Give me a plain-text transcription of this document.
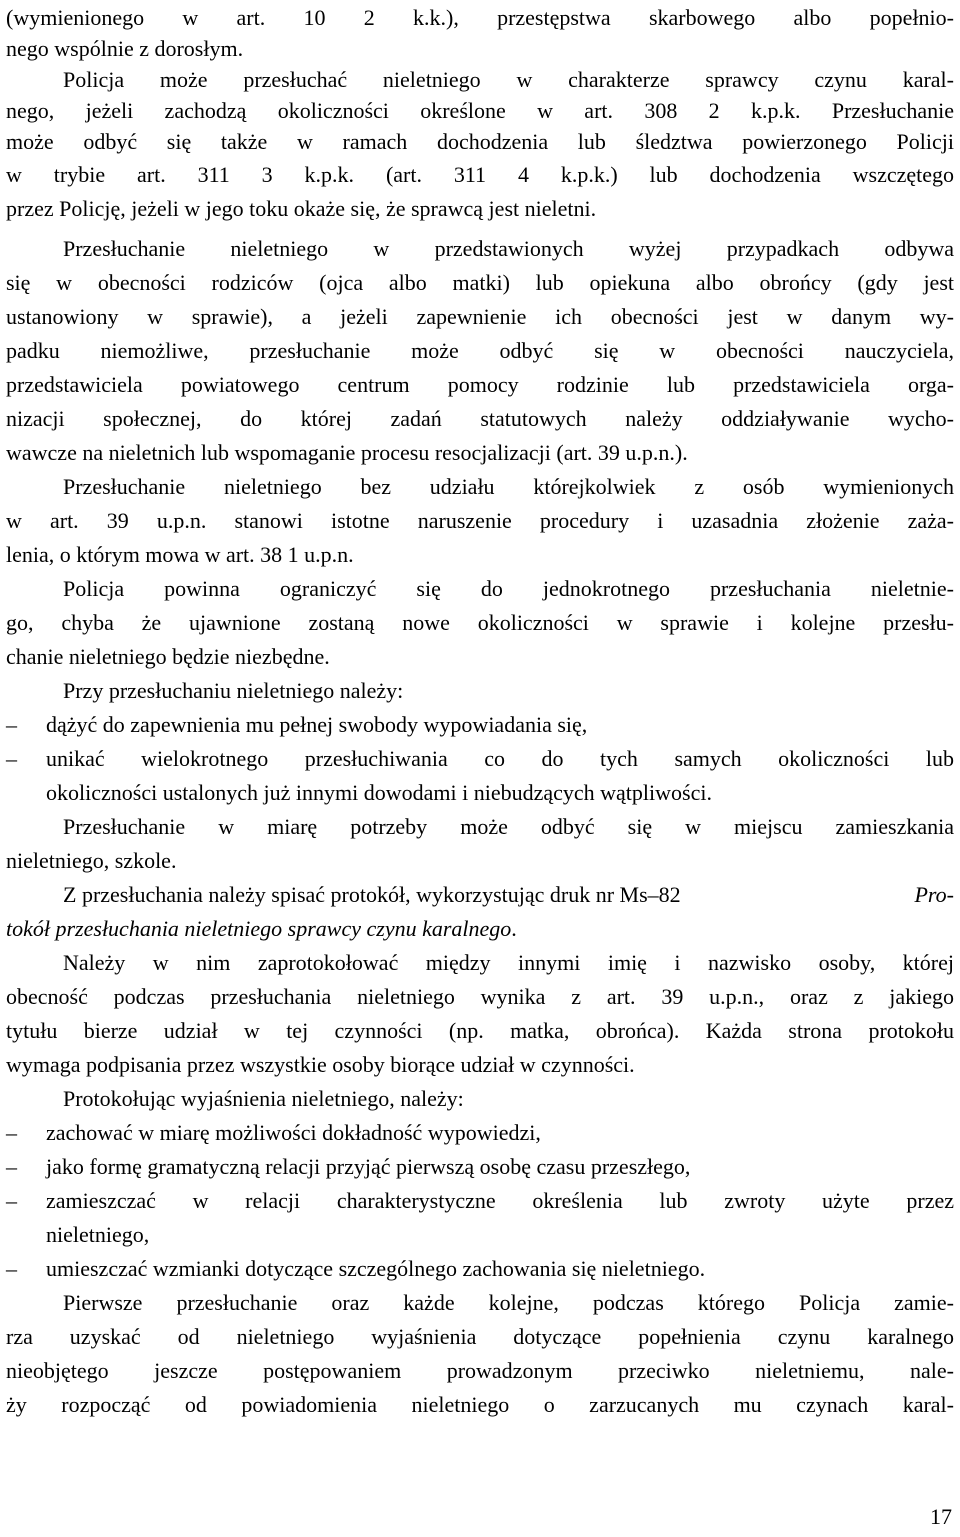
(wymienionego w art. 10 2 k.k.), przestępstwa skarbowego albo popełnio-

nego wspólnie z dorosłym.

Policja może przesłuchać nieletniego w charakterze sprawcy czynu karal-

nego, jeżeli zachodzą okoliczności określone w art. 308 2 k.p.k. Przesłuchanie

może odbyć się także w ramach dochodzenia lub śledztwa powierzonego Policji

w trybie art. 311 3 k.p.k. (art. 311 4 k.p.k.) lub dochodzenia wszczętego

przez Policję, jeżeli w jego toku okaże się, że sprawcą jest nieletni.

Przesłuchanie nieletniego w przedstawionych wyżej przypadkach odbywa

się w obecności rodziców (ojca albo matki) lub opiekuna albo obrońcy (gdy jest

ustanowiony w sprawie), a jeżeli zapewnienie ich obecności jest w danym wy-

padku niemożliwe, przesłuchanie może odbyć się w obecności nauczyciela,

przedstawiciela powiatowego centrum pomocy rodzinie lub przedstawiciela orga-

nizacji społecznej, do której zadań statutowych należy oddziaływanie wycho-

wawcze na nieletnich lub wspomaganie procesu resocjalizacji (art. 39 u.p.n.).

Przesłuchanie nieletniego bez udziału którejkolwiek z osób wymienionych

w art. 39 u.p.n. stanowi istotne naruszenie procedury i uzasadnia złożenie zaża-

lenia, o którym mowa w art. 38 1 u.p.n.

Policja powinna ograniczyć się do jednokrotnego przesłuchania nieletnie-

go, chyba że ujawnione zostaną nowe okoliczności w sprawie i kolejne przesłu-

chanie nieletniego będzie niezbędne.

Przy przesłuchaniu nieletniego należy:

– dążyć do zapewnienia mu pełnej swobody wypowiadania się,
– unikać wielokrotnego przesłuchiwania co do tych samych okoliczności lub

okoliczności ustalonych już innymi dowodami i niebudzących wątpliwości.

Przesłuchanie w miarę potrzeby może odbyć się w miejscu zamieszkania

nieletniego, szkole.

Z przesłuchania należy spisać protokół, wykorzystując druk nr Ms–82	Pro-

tokół przesłuchania nieletniego sprawcy czynu karalnego.

Należy w nim zaprotokołować między innymi imię i nazwisko osoby, której

obecność podczas przesłuchania nieletniego wynika z art. 39 u.p.n., oraz z jakiego

tytułu bierze udział w tej czynności (np. matka, obrońca). Każda strona protokołu

wymaga podpisania przez wszystkie osoby biorące udział w czynności.

Protokołując wyjaśnienia nieletniego, należy:

– zachować w miarę możliwości dokładność wypowiedzi,
– jako formę gramatyczną relacji przyjąć pierwszą osobę czasu przeszłego,
– zamieszczać w relacji charakterystyczne określenia lub zwroty użyte przez

nieletniego,

– umieszczać wzmianki dotyczące szczególnego zachowania się nieletniego.

Pierwsze przesłuchanie oraz każde kolejne, podczas którego Policja zamie-

rza uzyskać od nieletniego wyjaśnienia dotyczące popełnienia czynu karalnego

nieobjętego jeszcze postępowaniem prowadzonym przeciwko nieletniemu, nale-

ży rozpocząć od powiadomienia nieletniego o zarzucanych mu czynach karal-

17
